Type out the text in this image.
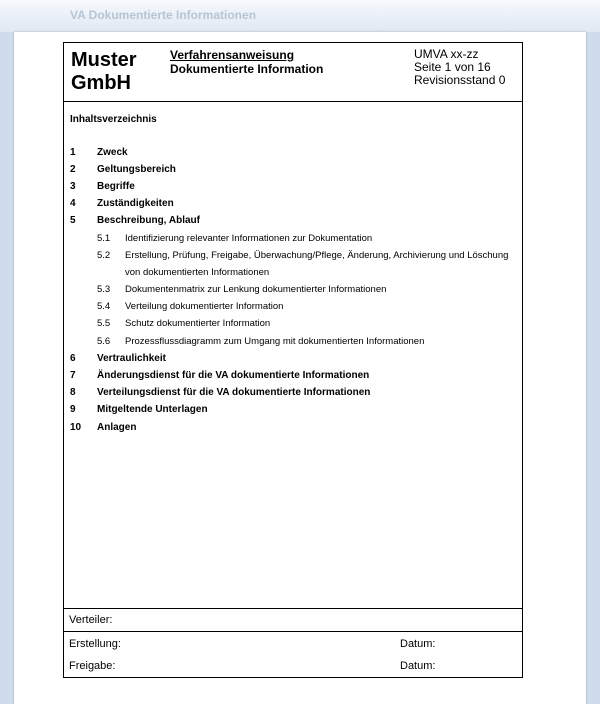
VA Dokumentierte Informationen
Muster
GmbH
Verfahrensanweisung
Dokumentierte Information
UMVA xx-zz
Seite 1 von 16
Revisionsstand 0
Inhaltsverzeichnis
1 Zweck
2 Geltungsbereich
3 Begriffe
4 Zuständigkeiten
5 Beschreibung, Ablauf
5.1 Identifizierung relevanter Informationen zur Dokumentation
5.2 Erstellung, Prüfung, Freigabe, Überwachung/Pflege, Änderung, Archivierung und Löschung
von dokumentierten Informationen
5.3 Dokumentenmatrix zur Lenkung dokumentierter Informationen
5.4 Verteilung dokumentierter Information
5.5 Schutz dokumentierter Information
5.6 Prozessflussdiagramm zum Umgang mit dokumentierten Informationen
6 Vertraulichkeit
7 Änderungsdienst für die VA dokumentierte Informationen
8 Verteilungsdienst für die VA dokumentierte Informationen
9 Mitgeltende Unterlagen
10 Anlagen
Verteiler:
Erstellung:	Datum:
Freigabe:	Datum:
